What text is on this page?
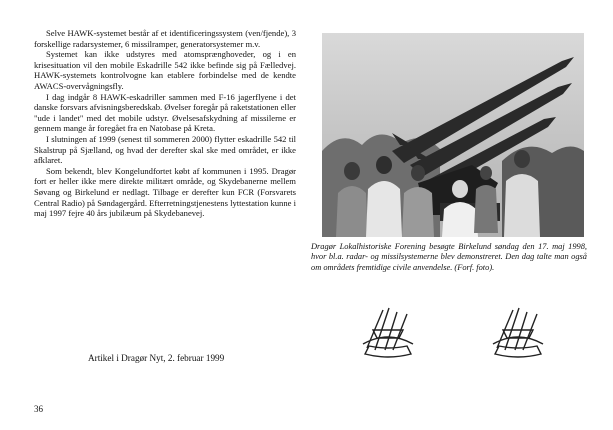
Selve HAWK-systemet består af et identificeringssystem (ven/fjende), 3 forskellige radarsystemer, 6 missilramper, generatorsystemer m.v.

Systemet kan ikke udstyres med atomsprænghoveder, og i en krisesituation vil den mobile Eskadrille 542 ikke befinde sig på Fælledvej. HAWK-systemets kontrolvogne kan etablere forbindelse med de kendte AWACS-overvågningsfly.

I dag indgår 8 HAWK-eskadriller sammen med F-16 jagerflyene i det danske forsvars afvisningsberedskab. Øvelser foregår på raketstationen eller "ude i landet" med det mobile udstyr. Øvelsesafskydning af missilerne er gennem mange år foregået fra en Natobase på Kreta.

I slutningen af 1999 (senest til sommeren 2000) flytter eskadrille 542 til Skalstrup på Sjælland, og hvad der derefter skal ske med området, er ikke afklaret.

Som bekendt, blev Kongelundfortet købt af kommunen i 1995. Dragør fort er heller ikke mere direkte militært område, og Skydebanerne mellem Søvang og Birkelund er nedlagt. Tilbage er derefter kun FCR (Forsvarets Central Radio) på Søndagergård. Efterretningstjenestens lyttestation kunne i maj 1997 fejre 40 års jubilæum på Skydebanevej.

Dragør Lokalhistoriske Forening besøgte Birkelund søndag den 17. maj 1998, hvor bl.a. radar- og missilsystemerne blev demonstreret. Den dag talte man også om områdets fremtidige civile anvendelse. (Forf. foto).
Artikel i Dragør Nyt, 2. februar 1999
36
